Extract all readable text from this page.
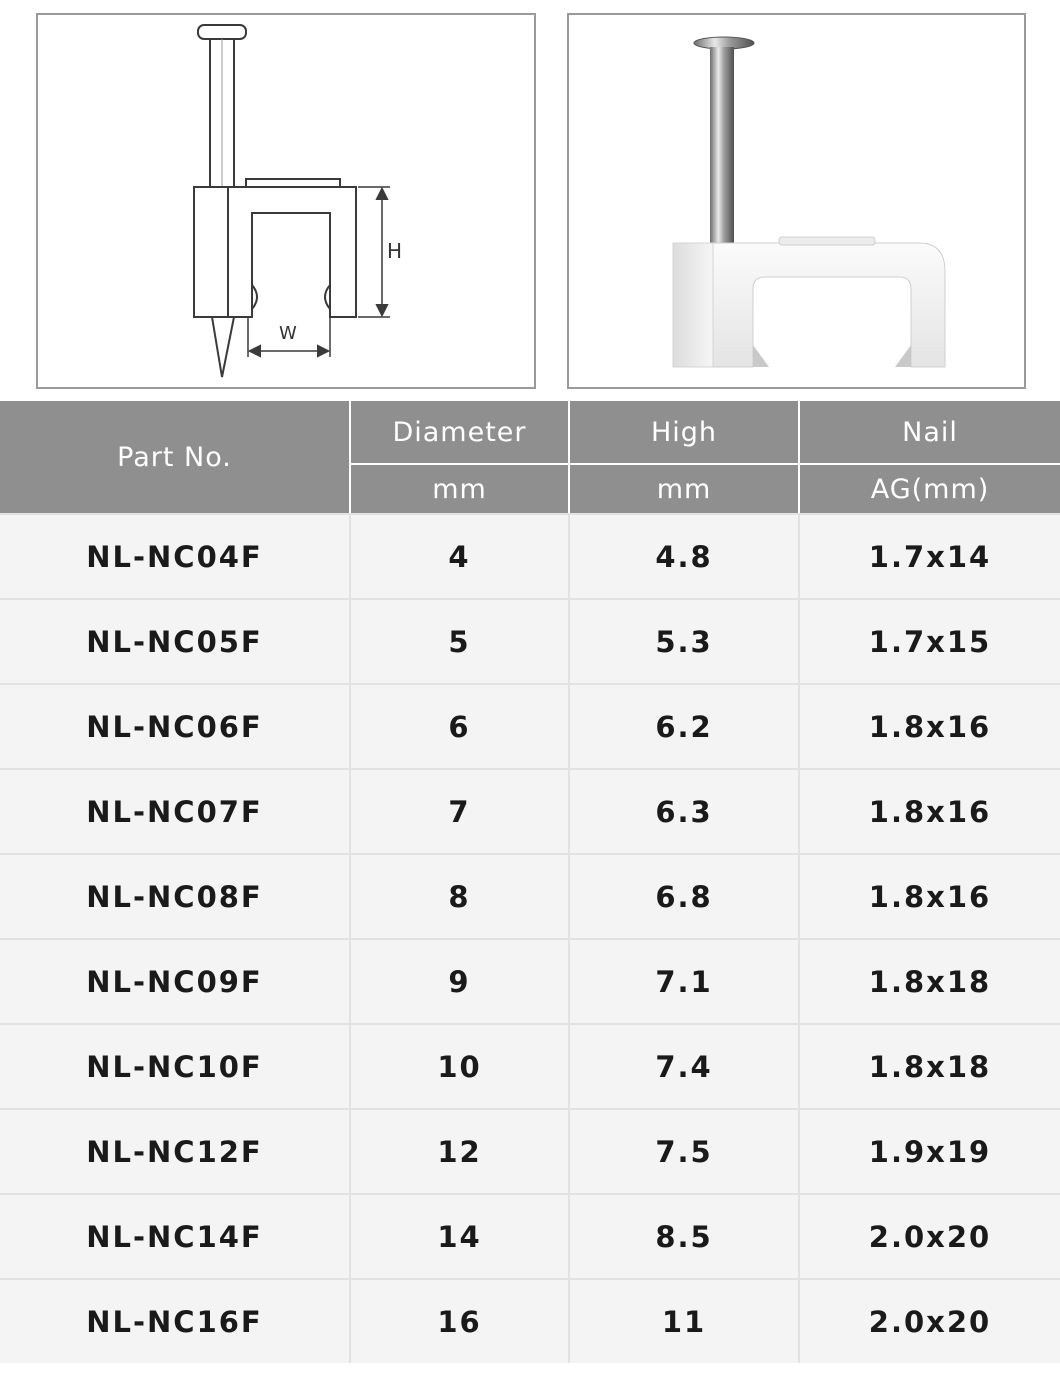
H
W
Part No.	Diameter	High	Nail
	mm	mm	AG(mm)
NL-NC04F	4	4.8	1.7x14
NL-NC05F	5	5.3	1.7x15
NL-NC06F	6	6.2	1.8x16
NL-NC07F	7	6.3	1.8x16
NL-NC08F	8	6.8	1.8x16
NL-NC09F	9	7.1	1.8x18
NL-NC10F	10	7.4	1.8x18
NL-NC12F	12	7.5	1.9x19
NL-NC14F	14	8.5	2.0x20
NL-NC16F	16	11	2.0x20
